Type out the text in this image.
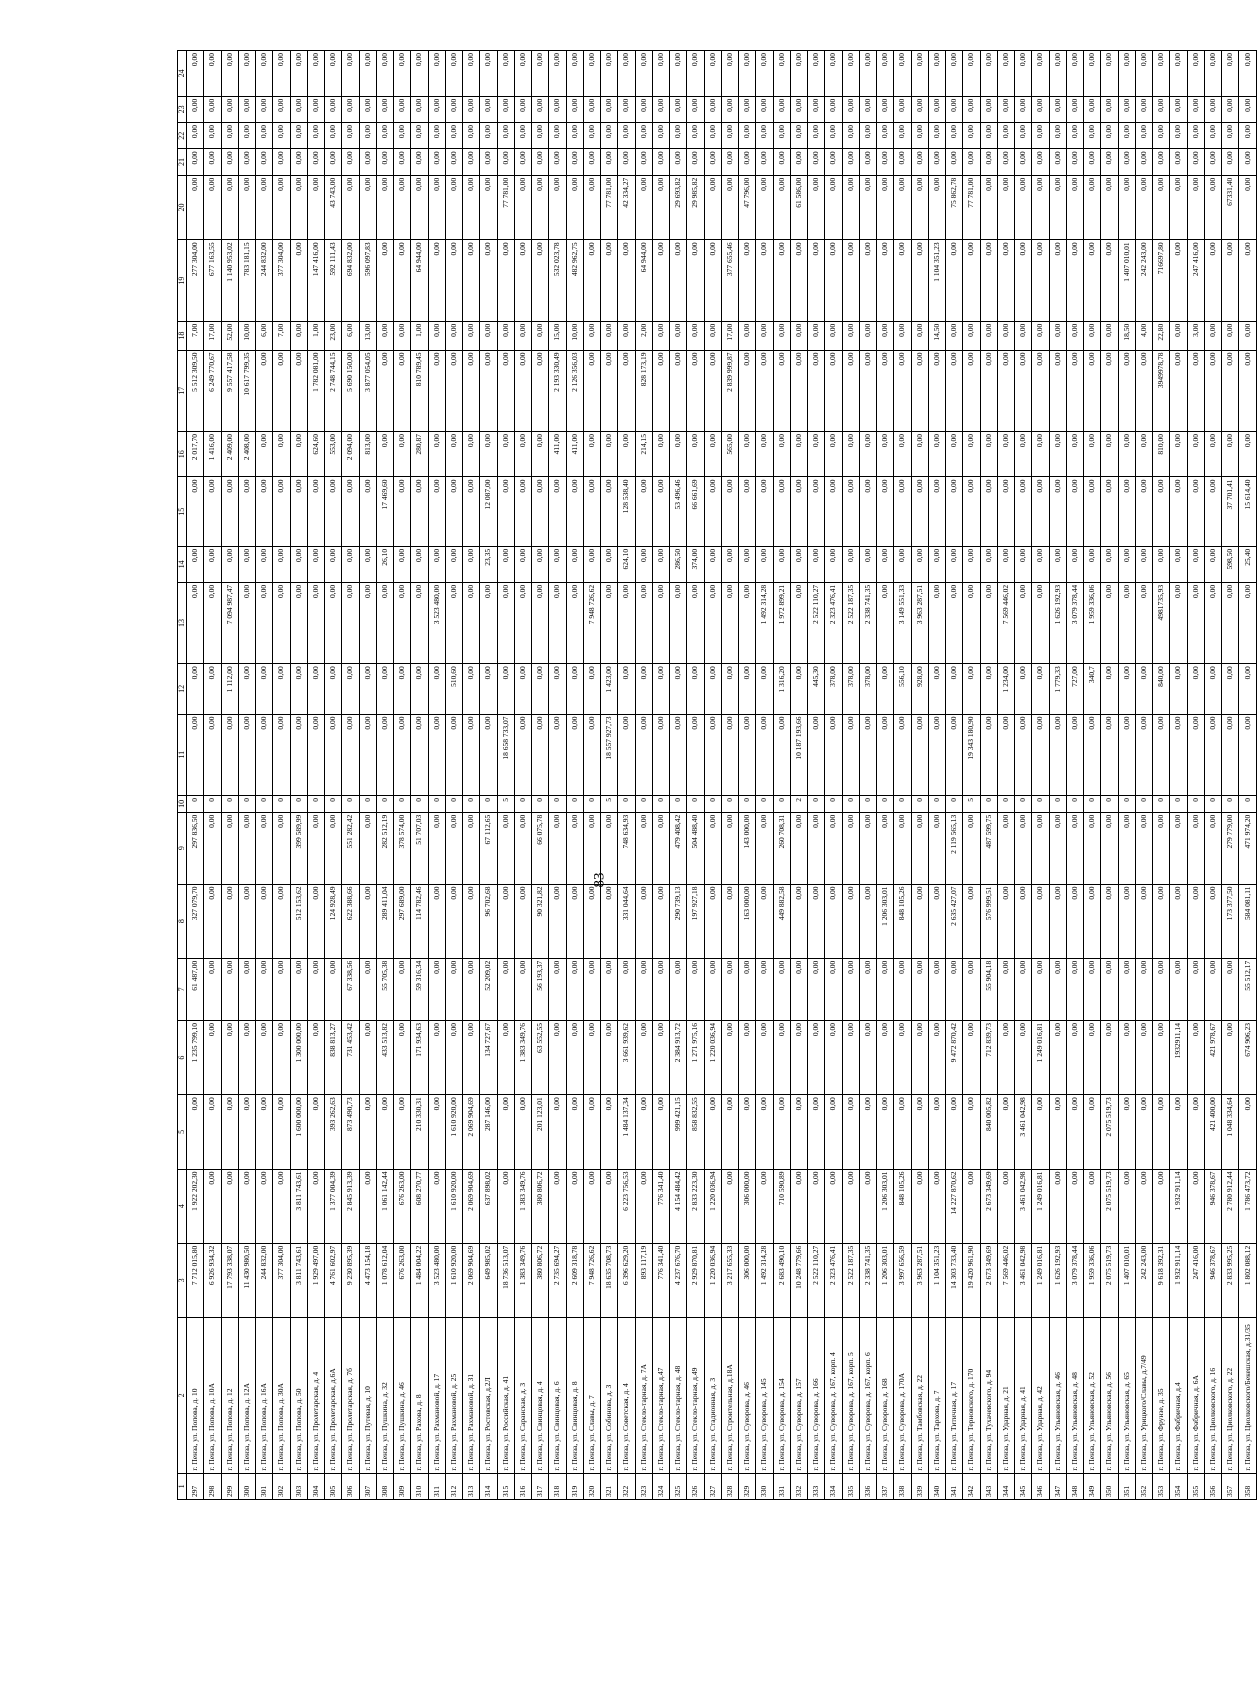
83
1	2	3	4	5	6	7	8	9	10	11	12	13	14	15	16	17	18	19	20	21	22	23	24
297	г. Пенза, ул. Попова, д. 10	7 712 015,80	1 922 202,30	0,00	1 235 799,10	61 487,00	327 079,70	297 836,50	0	0,00	0,00	0,00	0,00	0,00	2 017,70	5 512 309,50	7,00	277 304,00	0,00	0,00	0,00	0,00	0,00
298	г. Пенза, ул. Попова, д. 10А	6 926 934,32	0,00	0,00	0,00	0,00	0,00	0,00	0	0,00	0,00	0,00	0,00	0,00	1 416,00	6 249 770,67	17,00	677 163,55	0,00	0,00	0,00	0,00	0,00
299	г. Пенза, ул. Попова, д. 12	17 793 338,07	0,00	0,00	0,00	0,00	0,00	0,00	0	0,00	1 112,00	7 094 987,47	0,00	0,00	2 409,00	9 557 417,58	52,00	1 140 953,02	0,00	0,00	0,00	0,00	0,00
300	г. Пенза, ул. Попова, д. 12А	11 430 980,50	0,00	0,00	0,00	0,00	0,00	0,00	0	0,00	0,00	0,00	0,00	0,00	2 408,00	10 617 799,35	10,00	783 181,15	0,00	0,00	0,00	0,00	0,00
301	г. Пенза, ул. Попова, д. 16А	244 832,00	0,00	0,00	0,00	0,00	0,00	0,00	0	0,00	0,00	0,00	0,00	0,00	0,00	0,00	6,00	244 832,00	0,00	0,00	0,00	0,00	0,00
302	г. Пенза, ул. Попова, д. 30А	377 304,00	0,00	0,00	0,00	0,00	0,00	0,00	0	0,00	0,00	0,00	0,00	0,00	0,00	0,00	7,00	377 304,00	0,00	0,00	0,00	0,00	0,00
303	г. Пенза, ул. Попова, д. 50	3 811 743,61	3 811 743,61	1 600 000,00	1 300 000,00	0,00	512 153,62	399 589,99	0	0,00	0,00	0,00	0,00	0,00	0,00	0,00	0,00	0,00	0,00	0,00	0,00	0,00	0,00
304	г. Пенза, ул. Пролетарская, д. 4	1 929 497,00	0,00	0,00	0,00	0,00	0,00	0,00	0	0,00	0,00	0,00	0,00	0,00	624,60	1 782 081,00	1,00	147 416,00	0,00	0,00	0,00	0,00	0,00
305	г. Пенза, ул. Пролетарская, д.6А	4 761 602,97	1 377 004,39	393 262,63	838 813,27	0,00	124 928,49	0,00	0	0,00	0,00	0,00	0,00	0,00	553,00	2 748 744,15	23,00	592 111,43	43 743,00	0,00	0,00	0,00	0,00
306	г. Пенза, ул. Пролетарская, д. 7б	9 230 895,39	2 845 913,39	873 490,73	731 453,42	67 338,56	622 388,66	551 282,42	0	0,00	0,00	0,00	0,00	0,00	2 094,00	5 690 150,00	6,00	694 832,00	0,00	0,00	0,00	0,00	0,00
307	г. Пенза, ул. Путевая, д. 10	4 473 154,18	0,00	0,00	0,00	0,00	0,00	0,00	0	0,00	0,00	0,00	0,00	0,00	813,00	3 877 054,05	13,00	596 097,83	0,00	0,00	0,00	0,00	0,00
308	г. Пенза, ул. Пушкина, д. 32	1 078 612,04	1 061 142,44	0,00	433 513,82	55 705,38	289 411,04	282 512,19	0	0,00	0,00	0,00	26,10	17 469,60	0,00	0,00	0,00	0,00	0,00	0,00	0,00	0,00	0,00
309	г. Пенза, ул. Пушкина, д. 46	676 263,00	676 263,00	0,00	0,00	0,00	297 689,00	378 574,00	0	0,00	0,00	0,00	0,00	0,00	0,00	0,00	0,00	0,00	0,00	0,00	0,00	0,00	0,00
310	г. Пенза, ул. Рахова, д. 8	1 484 004,22	608 270,77	210 330,31	171 934,63	59 316,34	114 782,46	51 707,03	0	0,00	0,00	0,00	0,00	0,00	280,87	810 789,45	1,00	64 944,00	0,00	0,00	0,00	0,00	0,00
311	г. Пенза, ул. Рахмановой, д. 17	3 523 480,00	0,00	0,00	0,00	0,00	0,00	0,00	0	0,00	0,00	3 523 480,00	0,00	0,00	0,00	0,00	0,00	0,00	0,00	0,00	0,00	0,00	0,00
312	г. Пенза, ул. Рахмановой, д. 25	1 610 920,00	1 610 920,00	1 610 920,00	0,00	0,00	0,00	0,00	0	0,00	510,60	0,00	0,00	0,00	0,00	0,00	0,00	0,00	0,00	0,00	0,00	0,00	0,00
313	г. Пенза, ул. Рахмановой, д. 31	2 069 904,69	2 069 904,69	2 069 904,69	0,00	0,00	0,00	0,00	0	0,00	0,00	0,00	0,00	0,00	0,00	0,00	0,00	0,00	0,00	0,00	0,00	0,00	0,00
314	г. Пенза, ул. Ростовская, д.2Л	649 985,02	637 898,02	287 146,00	134 727,67	52 209,02	96 702,68	67 112,65	0	0,00	0,00	0,00	23,35	12 087,00	0,00	0,00	0,00	0,00	0,00	0,00	0,00	0,00	0,00
315	г. Пенза, ул. Российская, д. 41	18 736 513,07	0,00	0,00	0,00	0,00	0,00	0,00	5	18 658 733,07	0,00	0,00	0,00	0,00	0,00	0,00	0,00	0,00	77 781,00	0,00	0,00	0,00	0,00
316	г. Пенза, ул. Саранская, д. 3	1 383 349,76	1 383 349,76	0,00	1 383 349,76	0,00	0,00	0,00	0	0,00	0,00	0,00	0,00	0,00	0,00	0,00	0,00	0,00	0,00	0,00	0,00	0,00	0,00
317	г. Пенза, ул. Свинцовая, д. 4	380 806,72	380 806,72	201 123,01	63 552,55	56 193,37	90 321,82	66 075,78	0	0,00	0,00	0,00	0,00	0,00	0,00	0,00	0,00	0,00	0,00	0,00	0,00	0,00	0,00
318	г. Пенза, ул. Свинцовая, д. 6	2 735 694,27	0,00	0,00	0,00	0,00	0,00	0,00	0	0,00	0,00	0,00	0,00	0,00	411,00	2 193 330,49	15,00	532 023,78	0,00	0,00	0,00	0,00	0,00
319	г. Пенза, ул. Свинцовая, д. 8	2 609 318,78	0,00	0,00	0,00	0,00	0,00	0,00	0	0,00	0,00	0,00	0,00	0,00	411,00	2 126 356,03	10,00	482 962,75	0,00	0,00	0,00	0,00	0,00
320	г. Пенза, ул. Славы, д. 7	7 948 726,62	0,00	0,00	0,00	0,00	0,00	0,00	0	0,00	0,00	7 948 726,62	0,00	0,00	0,00	0,00	0,00	0,00	0,00	0,00	0,00	0,00	0,00
321	г. Пенза, ул. Собинова, д. 3	18 635 708,73	0,00	0,00	0,00	0,00	0,00	0,00	5	18 557 927,73	1 423,00	0,00	0,00	0,00	0,00	0,00	0,00	0,00	77 781,00	0,00	0,00	0,00	0,00
322	г. Пенза, ул. Советская, д. 4	6 396 629,20	6 223 756,53	1 484 137,34	3 661 939,62	0,00	331 044,64	748 634,93	0	0,00	0,00	0,00	624,10	128 538,40	0,00	0,00	0,00	0,00	42 334,27	0,00	0,00	0,00	0,00
323	г. Пенза, ул. Стекло-тарная, д. 7А	893 117,19	0,00	0,00	0,00	0,00	0,00	0,00	0	0,00	0,00	0,00	0,00	0,00	214,15	828 173,19	2,00	64 944,00	0,00	0,00	0,00	0,00	0,00
324	г. Пенза, ул. Стекло-тарная, д.47	776 341,40	776 341,40	0,00	0,00	0,00	0,00	0,00	0	0,00	0,00	0,00	0,00	0,00	0,00	0,00	0,00	0,00	0,00	0,00	0,00	0,00	0,00
325	г. Пенза, ул. Стекло-тарная, д. 48	4 237 676,70	4 154 484,42	999 421,15	2 384 913,72	0,00	290 739,13	479 408,42	0	0,00	0,00	0,00	286,50	53 496,46	0,00	0,00	0,00	0,00	29 693,82	0,00	0,00	0,00	0,00
326	г. Пенза, ул. Стекло-тарная, д.49	2 929 870,81	2 833 223,30	858 832,55	1 271 975,16	0,00	197 927,18	504 488,40	0	0,00	0,00	0,00	374,00	66 661,69	0,00	0,00	0,00	0,00	29 985,82	0,00	0,00	0,00	0,00
327	г. Пенза, ул. Стадионная, д. 3	1 220 036,94	1 220 036,94	0,00	1 220 036,94	0,00	0,00	0,00	0	0,00	0,00	0,00	0,00	0,00	0,00	0,00	0,00	0,00	0,00	0,00	0,00	0,00	0,00
328	г. Пенза, ул. Строительная, д.18А	3 217 655,33	0,00	0,00	0,00	0,00	0,00	0,00	0	0,00	0,00	0,00	0,00	0,00	565,00	2 839 999,87	17,00	377 655,46	0,00	0,00	0,00	0,00	0,00
329	г. Пенза, ул. Суворова, д. 46	306 000,00	306 000,00	0,00	0,00	0,00	163 000,00	143 000,00	0	0,00	0,00	0,00	0,00	0,00	0,00	0,00	0,00	0,00	47 796,00	0,00	0,00	0,00	0,00
330	г. Пенза, ул. Суворова, д. 145	1 492 314,28	0,00	0,00	0,00	0,00	0,00	0,00	0	0,00	0,00	1 492 314,28	0,00	0,00	0,00	0,00	0,00	0,00	0,00	0,00	0,00	0,00	0,00
331	г. Пенза, ул. Суворова, д. 154	2 683 490,10	710 590,89	0,00	0,00	0,00	449 882,58	260 708,31	0	0,00	1 316,20	1 972 899,21	0,00	0,00	0,00	0,00	0,00	0,00	0,00	0,00	0,00	0,00	0,00
332	г. Пенза, ул. Суворова, д. 157	10 248 779,66	0,00	0,00	0,00	0,00	0,00	0,00	2	10 187 193,66	0,00	0,00	0,00	0,00	0,00	0,00	0,00	0,00	61 586,00	0,00	0,00	0,00	0,00
333	г. Пенза, ул. Суворова, д. 166	2 522 110,27	0,00	0,00	0,00	0,00	0,00	0,00	0	0,00	445,30	2 522 110,27	0,00	0,00	0,00	0,00	0,00	0,00	0,00	0,00	0,00	0,00	0,00
334	г. Пенза, ул. Суворова, д. 167, корп. 4	2 323 476,41	0,00	0,00	0,00	0,00	0,00	0,00	0	0,00	378,00	2 323 476,41	0,00	0,00	0,00	0,00	0,00	0,00	0,00	0,00	0,00	0,00	0,00
335	г. Пенза, ул. Суворова, д. 167, корп. 5	2 522 187,35	0,00	0,00	0,00	0,00	0,00	0,00	0	0,00	378,00	2 522 187,35	0,00	0,00	0,00	0,00	0,00	0,00	0,00	0,00	0,00	0,00	0,00
336	г. Пенза, ул. Суворова, д. 167, корп. 6	2 338 741,35	0,00	0,00	0,00	0,00	0,00	0,00	0	0,00	378,00	2 338 741,35	0,00	0,00	0,00	0,00	0,00	0,00	0,00	0,00	0,00	0,00	0,00
337	г. Пенза, ул. Суворова, д. 168	1 206 303,01	1 206 303,01	0,00	0,00	0,00	1 206 303,01	0,00	0	0,00	0,00	0,00	0,00	0,00	0,00	0,00	0,00	0,00	0,00	0,00	0,00	0,00	0,00
338	г. Пенза, ул. Суворова, д. 170А	3 997 656,59	848 105,26	0,00	0,00	0,00	848 105,26	0,00	0	0,00	556,10	3 149 551,33	0,00	0,00	0,00	0,00	0,00	0,00	0,00	0,00	0,00	0,00	0,00
339	г. Пенза, ул. Тамбовская, д. 22	3 963 287,51	0,00	0,00	0,00	0,00	0,00	0,00	0	0,00	928,00	3 963 287,51	0,00	0,00	0,00	0,00	0,00	0,00	0,00	0,00	0,00	0,00	0,00
340	г. Пенза, ул. Тархова, д. 7	1 104 351,23	0,00	0,00	0,00	0,00	0,00	0,00	0	0,00	0,00	0,00	0,00	0,00	0,00	0,00	14,50	1 104 351,23	0,00	0,00	0,00	0,00	0,00
341	г. Пенза, ул. Титичная, д. 17	14 303 733,40	14 227 870,62	0,00	9 472 870,42	0,00	2 635 427,07	2 119 565,13	0	0,00	0,00	0,00	0,00	0,00	0,00	0,00	0,00	0,00	75 862,78	0,00	0,00	0,00	0,00
342	г. Пенза, ул. Терновского, д. 170	19 420 961,90	0,00	0,00	0,00	0,00	0,00	0,00	5	19 343 180,90	0,00	0,00	0,00	0,00	0,00	0,00	0,00	0,00	77 781,00	0,00	0,00	0,00	0,00
343	г. Пенза, ул. Тухачевского, д. 94	2 673 349,69	2 673 349,69	840 005,82	712 839,73	55 904,18	576 999,51	487 599,75	0	0,00	0,00	0,00	0,00	0,00	0,00	0,00	0,00	0,00	0,00	0,00	0,00	0,00	0,00
344	г. Пенза, ул. Ударная, д. 21	7 569 446,02	0,00	0,00	0,00	0,00	0,00	0,00	0	0,00	1 234,00	7 569 446,02	0,00	0,00	0,00	0,00	0,00	0,00	0,00	0,00	0,00	0,00	0,00
345	г. Пенза, ул. Ударная, д. 41	3 461 042,98	3 461 042,98	3 461 042,98	0,00	0,00	0,00	0,00	0	0,00	0,00	0,00	0,00	0,00	0,00	0,00	0,00	0,00	0,00	0,00	0,00	0,00	0,00
346	г. Пенза, ул. Ударная, д. 42	1 249 016,81	1 249 016,81	0,00	1 249 016,81	0,00	0,00	0,00	0	0,00	0,00	0,00	0,00	0,00	0,00	0,00	0,00	0,00	0,00	0,00	0,00	0,00	0,00
347	г. Пенза, ул. Ульяновская, д. 46	1 626 192,93	0,00	0,00	0,00	0,00	0,00	0,00	0	0,00	1 779,33	1 626 192,93	0,00	0,00	0,00	0,00	0,00	0,00	0,00	0,00	0,00	0,00	0,00
348	г. Пенза, ул. Ульяновская, д. 48	3 079 378,44	0,00	0,00	0,00	0,00	0,00	0,00	0	0,00	727,00	3 079 378,44	0,00	0,00	0,00	0,00	0,00	0,00	0,00	0,00	0,00	0,00	0,00
349	г. Пенза, ул. Ульяновская, д. 52	1 959 336,06	0,00	0,00	0,00	0,00	0,00	0,00	0	0,00	340,7	1 959 336,06	0,00	0,00	0,00	0,00	0,00	0,00	0,00	0,00	0,00	0,00	0,00
350	г. Пенза, ул. Ульяновская, д. 56	2 075 519,73	2 075 519,73	2 075 519,73	0,00	0,00	0,00	0,00	0	0,00	0,00	0,00	0,00	0,00	0,00	0,00	0,00	0,00	0,00	0,00	0,00	0,00	0,00
351	г. Пенза, ул. Ульяновская, д. 65	1 407 010,01	0,00	0,00	0,00	0,00	0,00	0,00	0	0,00	0,00	0,00	0,00	0,00	0,00	0,00	18,50	1 407 010,01	0,00	0,00	0,00	0,00	0,00
352	г. Пенза, ул. Урицкого/Славы, д.7/49	242 243,00	0,00	0,00	0,00	0,00	0,00	0,00	0	0,00	0,00	0,00	0,00	0,00	0,00	0,00	4,00	242 243,00	0,00	0,00	0,00	0,00	0,00
353	г. Пенза, ул. Фрунзе, д. 35	9 618 392,31	0,00	0,00	0,00	0,00	0,00	0,00	0	0,00	840,00	4981735,93	0,00	0,00	810,00	3949978,78	22,80	716697,80	0,00	0,00	0,00	0,00	0,00
354	г. Пенза, ул. Фабричная, д.4	1 932 911,14	1 932 911,14	0,00	1932911,14	0,00	0,00	0,00	0	0,00	0,00	0,00	0,00	0,00	0,00	0,00	0,00	0,00	0,00	0,00	0,00	0,00	0,00
355	г. Пенза, ул. Фабричная, д. 6А	247 416,00	0,00	0,00	0,00	0,00	0,00	0,00	0	0,00	0,00	0,00	0,00	0,00	0,00	0,00	3,00	247 416,00	0,00	0,00	0,00	0,00	0,00
356	г. Пенза, ул. Циолковского, д. 16	946 378,67	946 378,67	421 400,00	421 978,67	0,00	0,00	0,00	0	0,00	0,00	0,00	0,00	0,00	0,00	0,00	0,00	0,00	0,00	0,00	0,00	0,00	0,00
357	г. Пенза, ул. Циолковского, д. 22	2 833 995,25	2 780 912,44	1 048 334,64	0,00	0,00	173 377,50	279 779,00	0	0,00	0,00	0,00	598,50	37 701,41	0,00	0,00	0,00	0,00	67331,40	0,00	0,00	0,00	0,00
358	г. Пенза, ул. Циолковского/Бекешская, д.31/35	1 802 088,12	1 786 473,72	0,00	674 906,23	55 512,17	584 081,11	471 974,20	0	0,00	0,00	0,00	25,40	15 614,40	0,00	0,00	0,00	0,00	0,00	0,00	0,00	0,00	0,00
